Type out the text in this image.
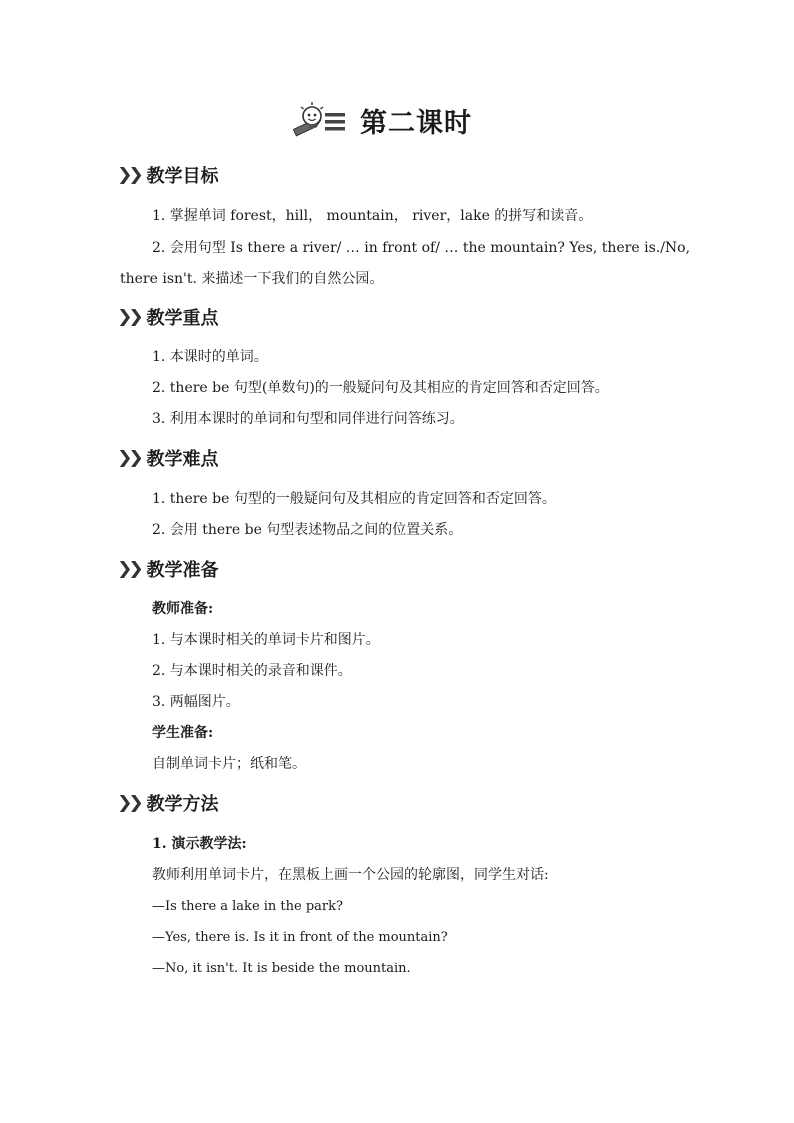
第二课时
❯❯ 教学目标
1. 掌握单词 forest，hill， mountain， river，lake 的拼写和读音。
2. 会用句型 Is there a river/ … in front of/ … the mountain? Yes, there is./No,
there isn't. 来描述一下我们的自然公园。
❯❯ 教学重点
1. 本课时的单词。
2. there be 句型(单数句)的一般疑问句及其相应的肯定回答和否定回答。
3. 利用本课时的单词和句型和同伴进行问答练习。
❯❯ 教学难点
1. there be 句型的一般疑问句及其相应的肯定回答和否定回答。
2. 会用 there be 句型表述物品之间的位置关系。
❯❯ 教学准备
教师准备:
1. 与本课时相关的单词卡片和图片。
2. 与本课时相关的录音和课件。
3. 两幅图片。
学生准备:
自制单词卡片；纸和笔。
❯❯ 教学方法
1. 演示教学法:
教师利用单词卡片，在黑板上画一个公园的轮廓图，同学生对话:
—Is there a lake in the park?
—Yes, there is. Is it in front of the mountain?
—No, it isn't. It is beside the mountain.
